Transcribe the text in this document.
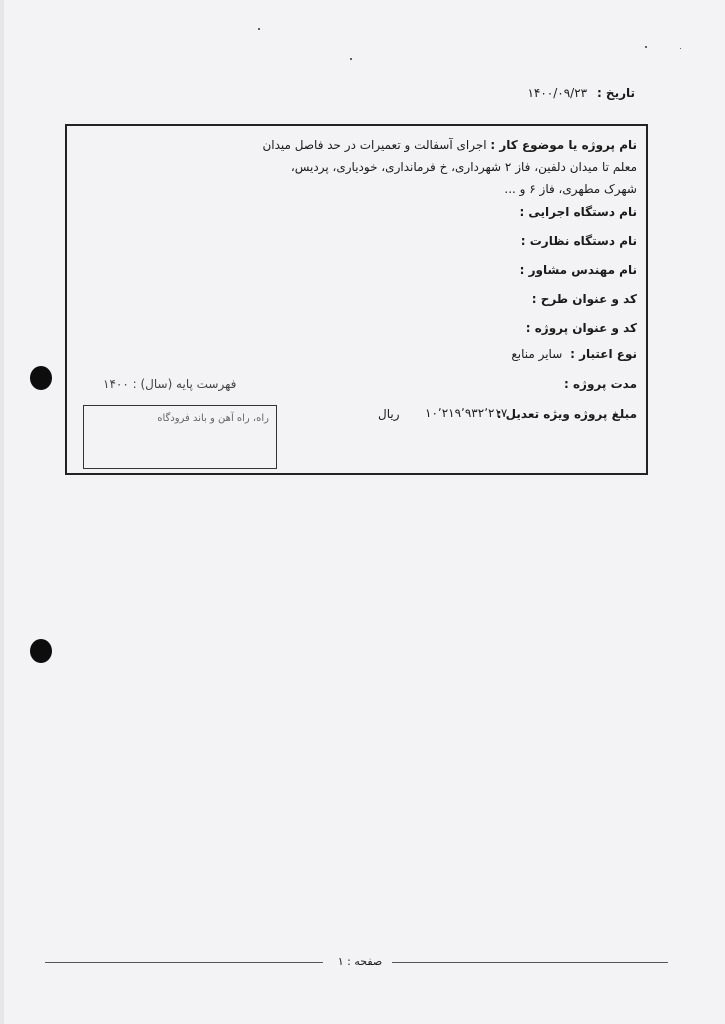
تاریخ : ۱۴۰۰/۰۹/۲۳
نام پروژه یا موضوع کار : اجرای آسفالت و تعمیرات در حد فاصل میدان معلم تا میدان دلفین، فاز ۲ شهرداری، خ فرمانداری، خودیاری، پردیس، شهرک مطهری، فاز ۶ و ...
نام دستگاه اجرایی :
نام دستگاه نظارت :
نام مهندس مشاور :
کد و عنوان طرح :
کد و عنوان پروژه :
نوع اعتبار : سایر منابع
مدت پروژه :
فهرست پایه (سال) : ۱۴۰۰
مبلغ پروژه ویژه تعدیل :
۱۰٬۲۱۹٬۹۳۲٬۲۱۷
ریال
راه، راه آهن و باند فرودگاه
صفحه : ۱
